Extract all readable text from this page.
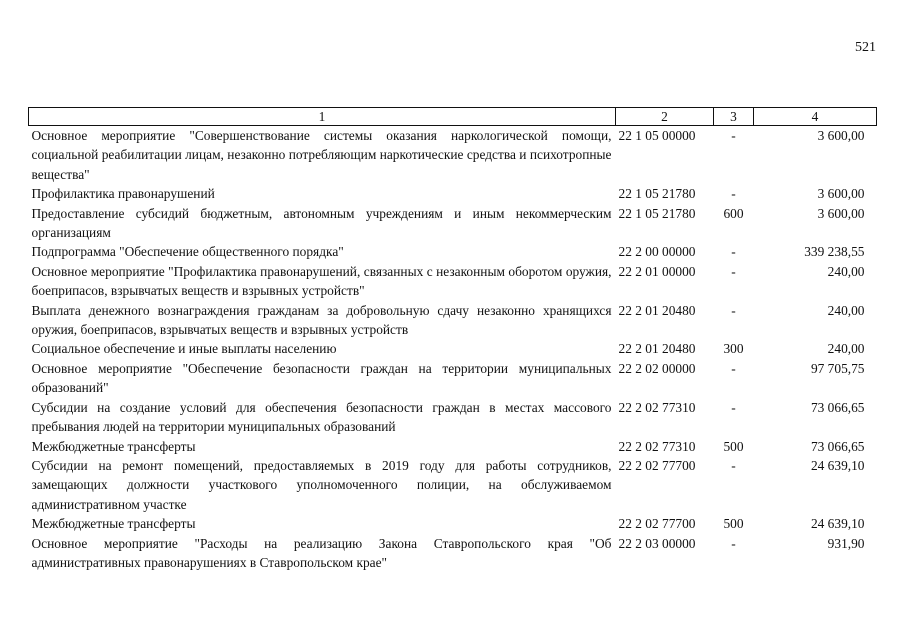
521
1	2	3	4
Основное мероприятие "Совершенствование системы оказания наркологической помощи, социальной реабилитации лицам, незаконно потребляющим наркотические средства и психотропные вещества"	22 1 05 00000	-	3 600,00
Профилактика правонарушений	22 1 05 21780	-	3 600,00
Предоставление субсидий бюджетным, автономным учреждениям и иным некоммерческим организациям	22 1 05 21780	600	3 600,00
Подпрограмма "Обеспечение общественного порядка"	22 2 00 00000	-	339 238,55
Основное мероприятие "Профилактика правонарушений, связанных с незаконным оборотом оружия, боеприпасов, взрывчатых веществ и взрывных устройств"	22 2 01 00000	-	240,00
Выплата денежного вознаграждения гражданам за добровольную сдачу незаконно хранящихся оружия, боеприпасов, взрывчатых веществ и взрывных устройств	22 2 01 20480	-	240,00
Социальное обеспечение и иные выплаты населению	22 2 01 20480	300	240,00
Основное мероприятие "Обеспечение безопасности граждан на территории муниципальных образований"	22 2 02 00000	-	97 705,75
Субсидии на создание условий для обеспечения безопасности граждан в местах массового пребывания людей на территории муниципальных образований	22 2 02 77310	-	73 066,65
Межбюджетные трансферты	22 2 02 77310	500	73 066,65
Субсидии на ремонт помещений, предоставляемых в 2019 году для работы сотрудников, замещающих должности участкового уполномоченного полиции, на обслуживаемом административном участке	22 2 02 77700	-	24 639,10
Межбюджетные трансферты	22 2 02 77700	500	24 639,10
Основное мероприятие "Расходы на реализацию Закона Ставропольского края "Об административных правонарушениях в Ставропольском крае"	22 2 03 00000	-	931,90
